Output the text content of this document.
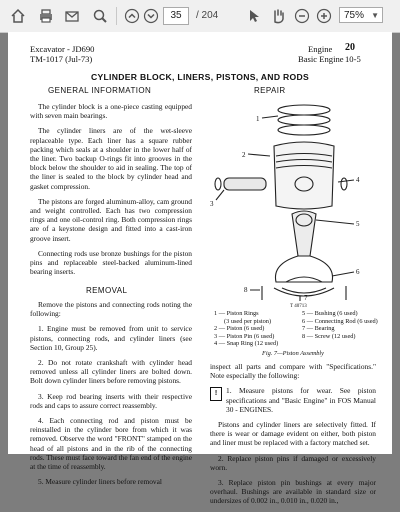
35	/ 204	75% ▼
Excavator - JD690
TM-1017 (Jul-73)
Engine 20
Basic Engine 10-5
CYLINDER BLOCK, LINERS, PISTONS, AND RODS
GENERAL INFORMATION	REPAIR

The cylinder block is a one-piece casting equipped with seven main bearings.

The cylinder liners are of the wet-sleeve replaceable type. Each liner has a square rubber packing which seals at a shoulder in the lower half of the liner. Two backup O-rings fit into grooves in the block below the shoulder to aid in sealing. The top of the liner is sealed to the block by cylinder head and gasket compression.

The pistons are forged aluminum-alloy, cam ground and weight controlled. Each has two compression rings and one oil-control ring. Both compression rings are of a keystone design and fitted into a cast-iron groove insert.

Connecting rods use bronze bushings for the piston pins and replaceable steel-backed aluminum-lined bearing inserts.

REMOVAL

Remove the pistons and connecting rods noting the following:

1. Engine must be removed from unit to service pistons, connecting rods, and cylinder liners (see Section 10, Group 25).

2. Do not rotate crankshaft with cylinder head removed unless all cylinder liners are bolted down. Bolt down cylinder liners before removing pistons.

3. Keep rod bearing inserts with their respective rods and caps to assure correct reassembly.

4. Each connecting rod and piston must be reinstalled in the cylinder bore from which it was removed. Observe the word "FRONT" stamped on the head of all pistons and in the rib of the connecting rods. These must face toward the fan end of the engine at the time of reassembly.

5. Measure cylinder liners before removal

1
2
3
4
5
6
7
8
T 40713
1 — Piston Rings
(3 used per piston)
2 — Piston (6 used)
3 — Piston Pin (6 used)
4 — Snap Ring (12 used)
5 — Bushing (6 used)
6 — Connecting Rod (6 used)
7 — Bearing
8 — Screw (12 used)
Fig. 7—Piston Assembly

inspect all parts and compare with "Specifications." Note especially the following:

!	1. Measure pistons for wear. See piston specifications and "Basic Engine" in FOS Manual 30 - ENGINES.

Pistons and cylinder liners are selectively fitted. If there is wear or damage evident on either, both piston and liner must be replaced with a factory matched set.

2. Replace piston pins if damaged or excessively worn.

3. Replace piston pin bushings at every major overhaul. Bushings are available in standard size or undersizes of 0.002 in., 0.010 in., 0.020 in.,
